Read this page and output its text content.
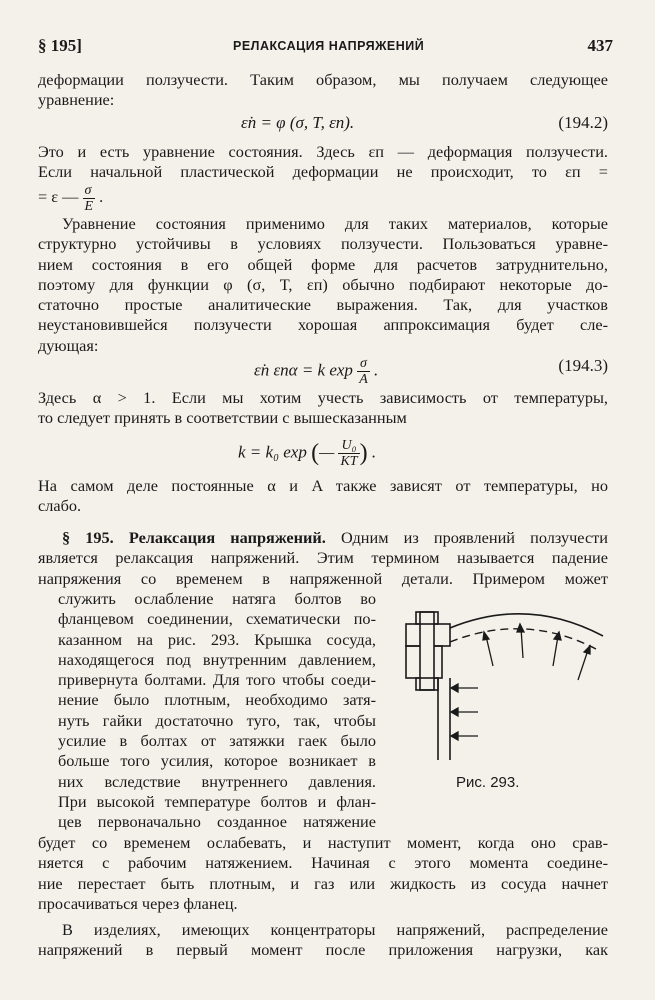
§ 195]	РЕЛАКСАЦИЯ НАПРЯЖЕНИЙ	437
деформации ползучести. Таким образом, мы получаем следующее
уравнение:
ε̇п = φ (σ, T, εп).	(194.2)
Это и есть уравнение состояния. Здесь εп — деформация ползучести.
Если начальной пластической деформации не происходит, то εп =
= ε — $\frac{\sigma}{E}$ .
Уравнение состояния применимо для таких материалов, которые
структурно устойчивы в условиях ползучести. Пользоваться уравне-
нием состояния в его общей форме для расчетов затруднительно,
поэтому для функции φ (σ, T, εп) обычно подбирают некоторые до-
статочно простые аналитические выражения. Так, для участков
неустановившейся ползучести хорошая аппроксимация будет сле-
дующая:
ε̇п εпα = k $\exp \frac{\sigma}{A}$ .	(194.3)
Здесь α > 1. Если мы хотим учесть зависимость от температуры,
то следует принять в соответствии с вышесказанным
k = k₀ exp (— $\frac{\text{U₀}}{KT}$ ) .
На самом деле постоянные α и A также зависят от температуры, но
слабо.
§ 195. Релаксация напряжений. Одним из проявлений ползучести
является релаксация напряжений. Этим термином называется падение
напряжения со временем в напряженной детали. Примером может
служить ослабление натяга болтов во
фланцевом соединении, схематически по-
казанном на рис. 293. Крышка сосуда,
находящегося под внутренним давлением,
привернута болтами. Для того чтобы соеди-
нение было плотным, необходимо затя-
нуть гайки достаточно туго, так, чтобы
усилие в болтах от затяжки гаек было
больше того усилия, которое возникает в
них вследствие внутреннего давления.
При высокой температуре болтов и флан-
цев первоначально созданное натяжение
будет со временем ослабевать, и наступит момент, когда оно срав-
няется с рабочим натяжением. Начиная с этого момента соедине-
ние перестает быть плотным, и газ или жидкость из сосуда начнет
просачиваться через фланец.
В изделиях, имеющих концентраторы напряжений, распределение
напряжений в первый момент после приложения нагрузки, как
Рис. 293.
